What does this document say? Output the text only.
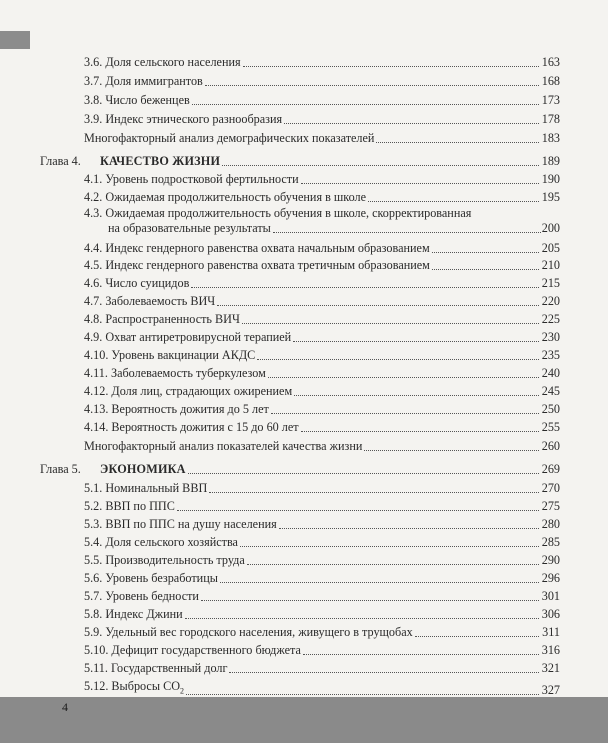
3.6. Доля сельского населения	163
3.7. Доля иммигрантов	168
3.8. Число беженцев	173
3.9. Индекс этнического разнообразия	178
Многофакторный анализ демографических показателей	183
Глава 4.	КАЧЕСТВО ЖИЗНИ	189
4.1. Уровень подростковой фертильности	190
4.2. Ожидаемая продолжительность обучения в школе	195
4.3. Ожидаемая продолжительность обучения в школе, скорректированная
на образовательные результаты	200
4.4. Индекс гендерного равенства охвата начальным образованием	205
4.5. Индекс гендерного равенства охвата третичным образованием	210
4.6. Число суицидов	215
4.7. Заболеваемость ВИЧ	220
4.8. Распространенность ВИЧ	225
4.9. Охват антиретровирусной терапией	230
4.10. Уровень вакцинации АКДС	235
4.11. Заболеваемость туберкулезом	240
4.12. Доля лиц, страдающих ожирением	245
4.13. Вероятность дожития до 5 лет	250
4.14. Вероятность дожития с 15 до 60 лет	255
Многофакторный анализ показателей качества жизни	260
Глава 5.	ЭКОНОМИКА	269
5.1. Номинальный ВВП	270
5.2. ВВП по ППС	275
5.3. ВВП по ППС на душу населения	280
5.4. Доля сельского хозяйства	285
5.5. Производительность труда	290
5.6. Уровень безработицы	296
5.7. Уровень бедности	301
5.8. Индекс Джини	306
5.9. Удельный вес городского населения, живущего в трущобах	311
5.10. Дефицит государственного бюджета	316
5.11. Государственный долг	321
5.12. Выбросы $CO_2$	327
4
